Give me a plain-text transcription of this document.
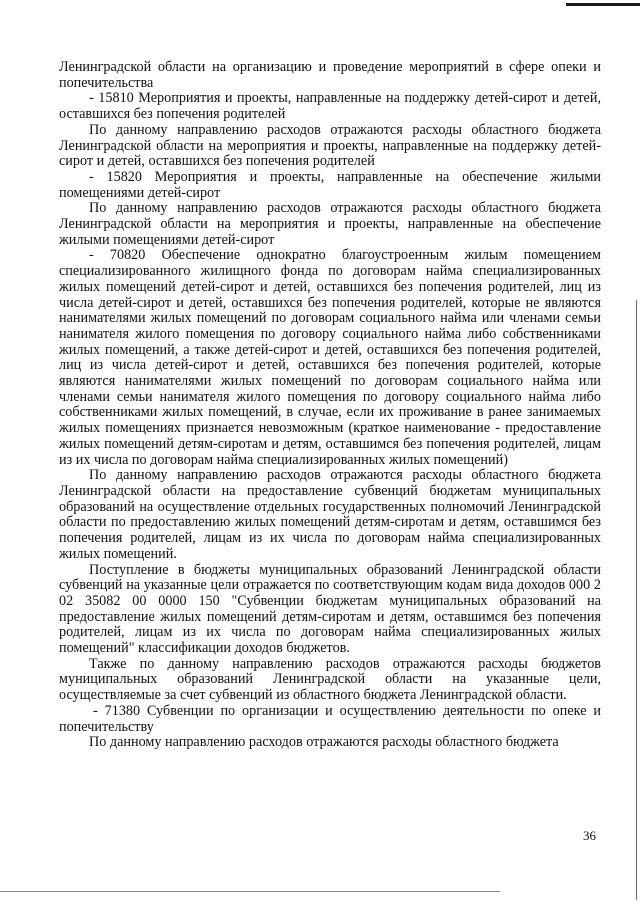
Ленинградской области на организацию и проведение мероприятий в сфере опеки и попечительства

- 15810 Мероприятия и проекты, направленные на поддержку детей-сирот и детей, оставшихся без попечения родителей

По данному направлению расходов отражаются расходы областного бюджета Ленинградской области на мероприятия и проекты, направленные на поддержку детей-сирот и детей, оставшихся без попечения родителей

- 15820 Мероприятия и проекты, направленные на обеспечение жилыми помещениями детей-сирот

По данному направлению расходов отражаются расходы областного бюджета Ленинградской области на мероприятия и проекты, направленные на обеспечение жилыми помещениями детей-сирот

- 70820 Обеспечение однократно благоустроенным жилым помещением специализированного жилищного фонда по договорам найма специализированных жилых помещений детей-сирот и детей, оставшихся без попечения родителей, лиц из числа детей-сирот и детей, оставшихся без попечения родителей, которые не являются нанимателями жилых помещений по договорам социального найма или членами семьи нанимателя жилого помещения по договору социального найма либо собственниками жилых помещений, а также детей-сирот и детей, оставшихся без попечения родителей, лиц из числа детей-сирот и детей, оставшихся без попечения родителей, которые являются нанимателями жилых помещений по договорам социального найма или членами семьи нанимателя жилого помещения по договору социального найма либо собственниками жилых помещений, в случае, если их проживание в ранее занимаемых жилых помещениях признается невозможным (краткое наименование - предоставление жилых помещений детям-сиротам и детям, оставшимся без попечения родителей, лицам из их числа по договорам найма специализированных жилых помещений)

По данному направлению расходов отражаются расходы областного бюджета Ленинградской области на предоставление субвенций бюджетам муниципальных образований на осуществление отдельных государственных полномочий Ленинградской области по предоставлению жилых помещений детям-сиротам и детям, оставшимся без попечения родителей, лицам из их числа по договорам найма специализированных жилых помещений.

Поступление в бюджеты муниципальных образований Ленинградской области субвенций на указанные цели отражается по соответствующим кодам вида доходов 000 2 02 35082 00 0000 150 "Субвенции бюджетам муниципальных образований на предоставление жилых помещений детям-сиротам и детям, оставшимся без попечения родителей, лицам из их числа по договорам найма специализированных жилых помещений" классификации доходов бюджетов.

Также по данному направлению расходов отражаются расходы бюджетов муниципальных образований Ленинградской области на указанные цели, осуществляемые за счет субвенций из областного бюджета Ленинградской области.

- 71380 Субвенции по организации и осуществлению деятельности по опеке и попечительству

По данному направлению расходов отражаются расходы областного бюджета

36
